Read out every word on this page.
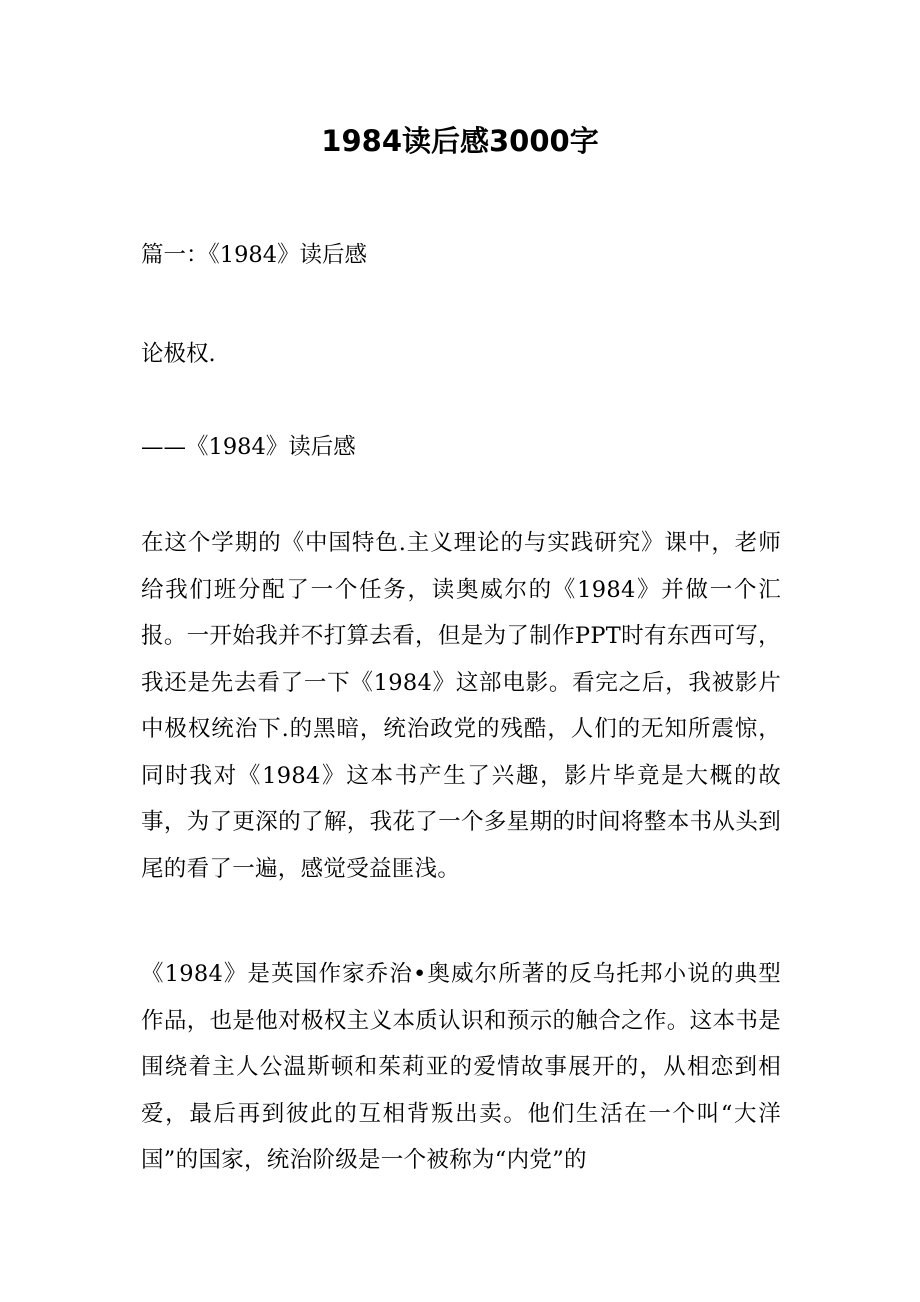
1984读后感3000字

篇一：《1984》读后感

论极权.

——《1984》读后感

在这个学期的《中国特色.主义理论的与实践研究》课中，老师给我们班分配了一个任务，读奥威尔的《1984》并做一个汇报。一开始我并不打算去看，但是为了制作PPT时有东西可写，我还是先去看了一下《1984》这部电影。看完之后，我被影片中极权统治下.的黑暗，统治政党的残酷，人们的无知所震惊，同时我对《1984》这本书产生了兴趣，影片毕竟是大概的故事，为了更深的了解，我花了一个多星期的时间将整本书从头到尾的看了一遍，感觉受益匪浅。

《1984》是英国作家乔治•奥威尔所著的反乌托邦小说的典型作品，也是他对极权主义本质认识和预示的触合之作。这本书是围绕着主人公温斯顿和茱莉亚的爱情故事展开的，从相恋到相爱，最后再到彼此的互相背叛出卖。他们生活在一个叫“大洋国”的国家，统治阶级是一个被称为“内党”的
